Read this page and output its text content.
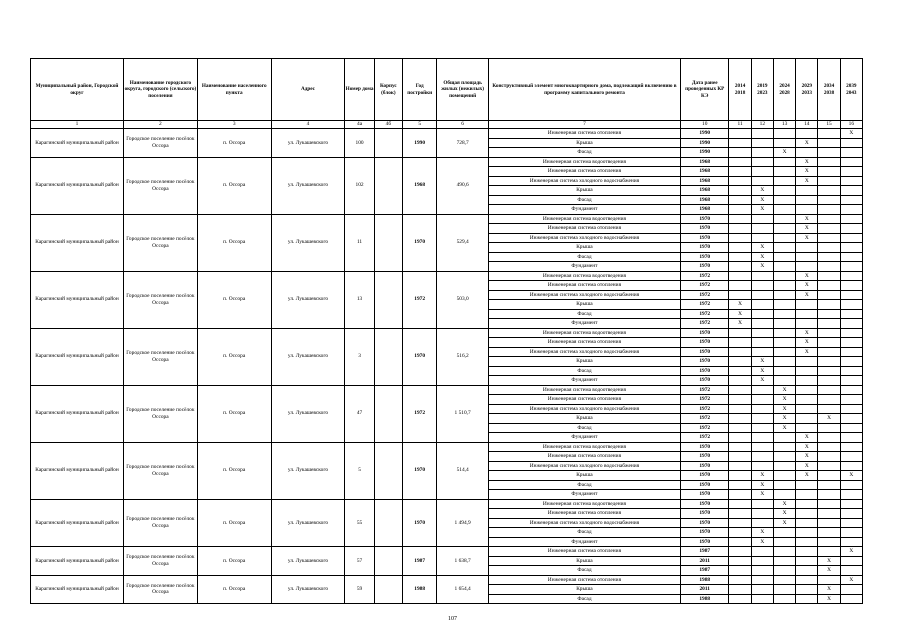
Муниципальный район, Городской округ	Наименование городского округа, городского (сельского) поселения	Наименование населенного пункта	Адрес	Номер дома	Корпус (блок)	Год постройки	Общая площадь жилых (нежилых) помещений	Конструктивный элемент многоквартирного дома, подлежащий включению в программу капитального ремонта	Дата ранее проведенных КР КЭ	2014 2018	2019 2023	2024 2028	2029 2033	2034 2038	2039 2043
1	2	3	4	4а	4б	5	6	7	10	11	12	13	14	15	16
Карагинский муниципальный район	Городское поселение посёлок Оссора	п. Оссора	ул. Лукашевского	100		1990	728,7	Инженерная система отопления	1990						X
								Крыша	1990				X		
								Фасад	1990			X			
Карагинский муниципальный район	Городское поселение посёлок Оссора	п. Оссора	ул. Лукашевского	102		1968	490,6	Инженерная система водоотведения	1968				X		
								Инженерная система отопления	1968				X		
								Инженерная система холодного водоснабжения	1968				X		
								Крыша	1968		X				
								Фасад	1968		X				
								Фундамент	1968		X				
Карагинский муниципальный район	Городское поселение посёлок Оссора	п. Оссора	ул. Лукашевского	11		1970	529,4	Инженерная система водоотведения	1970				X		
								Инженерная система отопления	1970				X		
								Инженерная система холодного водоснабжения	1970				X		
								Крыша	1970		X				
								Фасад	1970		X				
								Фундамент	1970		X				
Карагинский муниципальный район	Городское поселение посёлок Оссора	п. Оссора	ул. Лукашевского	13		1972	503,0	Инженерная система водоотведения	1972				X		
								Инженерная система отопления	1972				X		
								Инженерная система холодного водоснабжения	1972				X		
								Крыша	1972	X					
								Фасад	1972	X					
								Фундамент	1972	X					
Карагинский муниципальный район	Городское поселение посёлок Оссора	п. Оссора	ул. Лукашевского	3		1970	516,2	Инженерная система водоотведения	1970				X		
								Инженерная система отопления	1970				X		
								Инженерная система холодного водоснабжения	1970				X		
								Крыша	1970		X				
								Фасад	1970		X				
								Фундамент	1970		X				
Карагинский муниципальный район	Городское поселение посёлок Оссора	п. Оссора	ул. Лукашевского	47		1972	1 510,7	Инженерная система водоотведения	1972			X			
								Инженерная система отопления	1972			X			
								Инженерная система холодного водоснабжения	1972			X			
								Крыша	1972			X		X	
								Фасад	1972			X			
								Фундамент	1972				X		
Карагинский муниципальный район	Городское поселение посёлок Оссора	п. Оссора	ул. Лукашевского	5		1970	514,4	Инженерная система водоотведения	1970				X		
								Инженерная система отопления	1970				X		
								Инженерная система холодного водоснабжения	1970				X		
								Крыша	1970		X		X		X
								Фасад	1970		X				
								Фундамент	1970		X				
Карагинский муниципальный район	Городское поселение посёлок Оссора	п. Оссора	ул. Лукашевского	55		1970	1 494,9	Инженерная система водоотведения	1970			X			
								Инженерная система отопления	1970			X			
								Инженерная система холодного водоснабжения	1970			X			
								Фасад	1970		X				
								Фундамент	1970		X				
Карагинский муниципальный район	Городское поселение посёлок Оссора	п. Оссора	ул. Лукашевского	57		1987	1 638,7	Инженерная система отопления	1987						X
								Крыша	2011					X	
								Фасад	1987					X	
Карагинский муниципальный район	Городское поселение посёлок Оссора	п. Оссора	ул. Лукашевского	59		1988	1 654,4	Инженерная система отопления	1988						X
								Крыша	2011					X	
								Фасад	1988					X	
107
